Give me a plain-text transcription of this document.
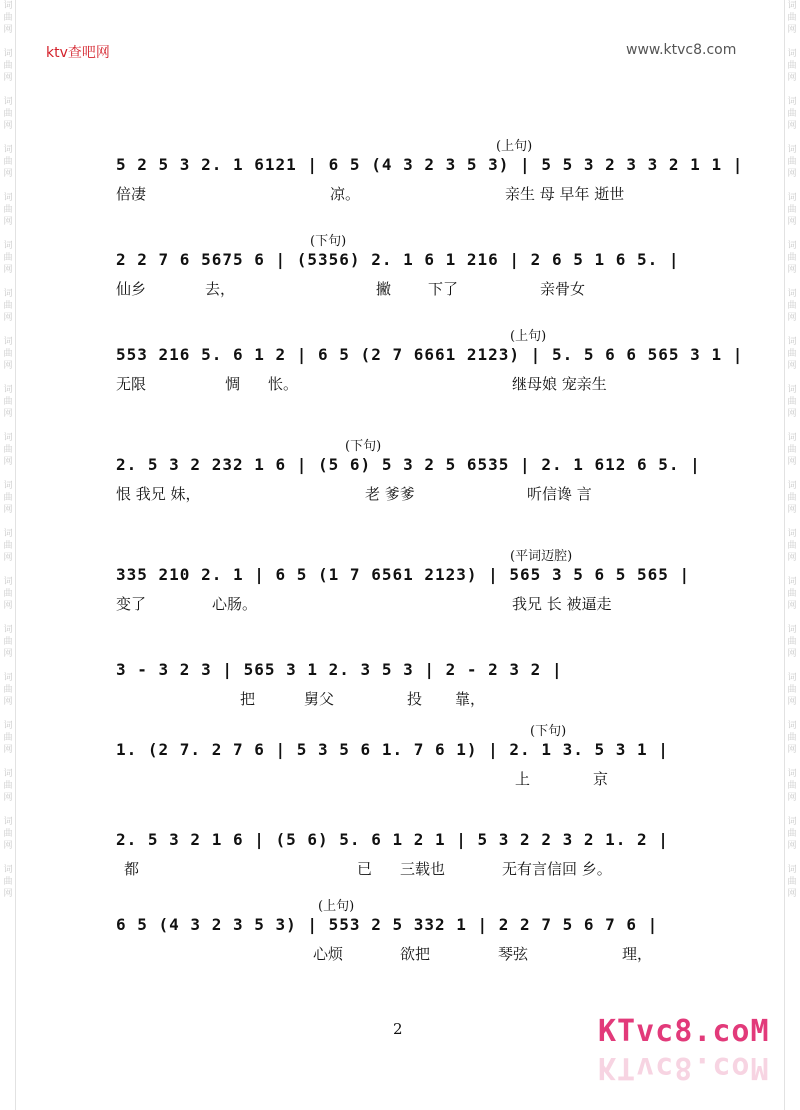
词
曲
网

词
曲
网

词
曲
网

词
曲
网

词
曲
网

词
曲
网

词
曲
网

词
曲
网

词
曲
网

词
曲
网

词
曲
网

词
曲
网

词
曲
网

词
曲
网

词
曲
网

词
曲
网

词
曲
网

词
曲
网

词
曲
网
词
曲
网

词
曲
网

词
曲
网

词
曲
网

词
曲
网

词
曲
网

词
曲
网

词
曲
网

词
曲
网

词
曲
网

词
曲
网

词
曲
网

词
曲
网

词
曲
网

词
曲
网

词
曲
网

词
曲
网

词
曲
网

词
曲
网
ktv查吧网	www.ktvc8.com
(上句)
5 2 5 3 2. 1 6121 | 6 5 (4 3 2 3 5 3) | 5 5 3 2 3 3 2 1 1 |
倍凄	凉。	亲生 母 早年 逝世
(下句)
2 2 7 6 5675 6 | (5356) 2. 1 6 1 216 | 2 6 5 1 6 5. |
仙乡	去，	撇 下了	亲骨女
(上句)
553 216 5. 6 1 2 | 6 5 (2 7 6661 2123) | 5. 5 6 6 565 3 1 |
无限	惆 怅。	继母娘 宠亲生
(下句)
2. 5 3 2 232 1 6 | (5 6) 5 3 2 5 6535 | 2. 1 612 6 5. |
恨 我兄 妹，	老 爹爹	听信谗 言
(平词迈腔)
335 210 2. 1 | 6 5 (1 7 6561 2123) | 565 3 5 6 5 565 |
变了	心肠。	我兄 长 被逼走
3 - 3 2 3 | 565 3 1 2. 3 5 3 | 2 - 2 3 2 |
把	舅父	投 靠，
(下句)
1. (2 7. 2 7 6 | 5 3 5 6 1. 7 6 1) | 2. 1 3. 5 3 1 |
上	京
2. 5 3 2 1 6 | (5 6) 5. 6 1 2 1 | 5 3 2 2 3 2 1. 2 |
都	已 三载也	无有言信回 乡。
(上句)
6 5 (4 3 2 3 5 3) | 553 2 5 332 1 | 2 2 7 5 6 7 6 |
心烦	欲把	琴弦	理，
2	KTvc8.coM
KTvc8.coM
